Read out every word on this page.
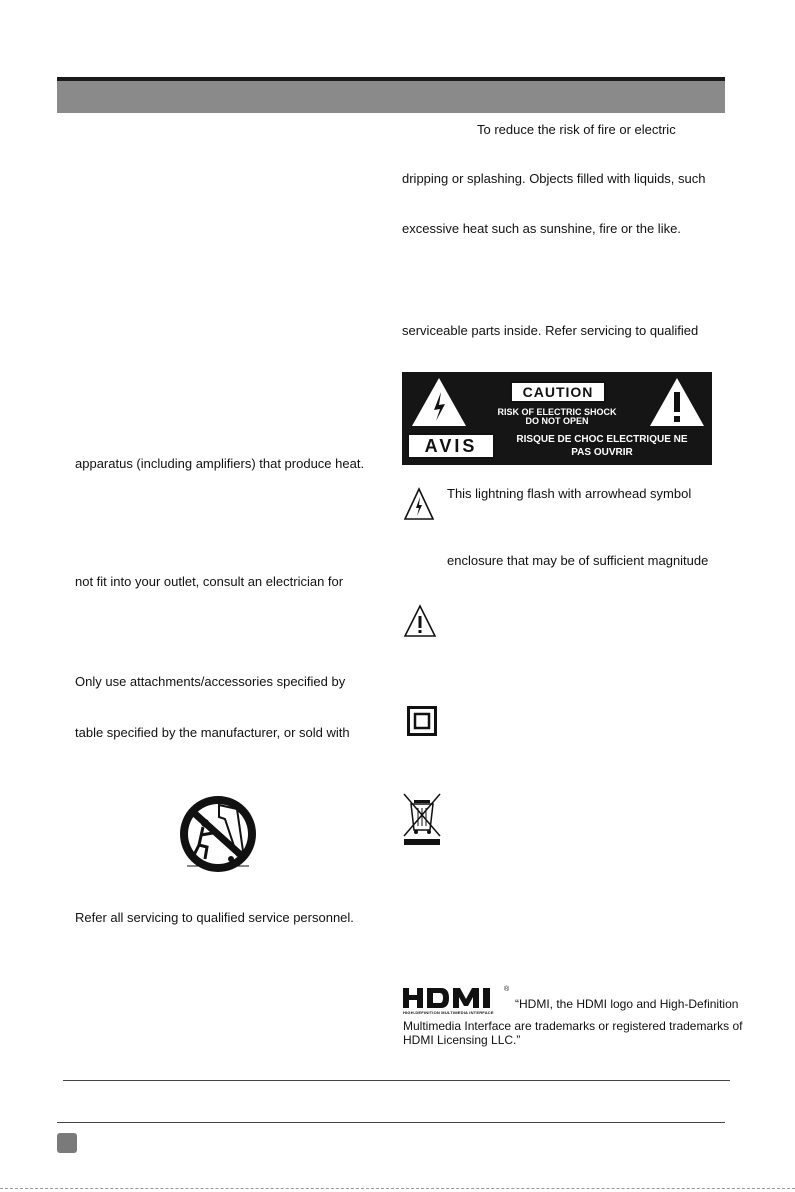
apparatus (including amplifiers) that produce heat.
not fit into your outlet, consult an electrician for
Only use attachments/accessories specified by
table specified by the manufacturer, or sold with
Refer all servicing to qualified service personnel.
To reduce the risk of fire or electric
dripping or splashing. Objects filled with liquids, such
excessive heat such as sunshine, fire or the like.
serviceable parts inside. Refer servicing to qualified
CAUTION
RISK OF ELECTRIC SHOCK
DO NOT OPEN
AVIS	RISQUE DE CHOC ELECTRIQUE NE
PAS OUVRIR
This lightning flash with arrowhead symbol
enclosure that may be of sufficient magnitude
HIGH-DEFINITION MULTIMEDIA INTERFACE
®
“HDMI, the HDMI logo and High-Definition
Multimedia Interface are trademarks or registered trademarks of
HDMI Licensing LLC.”
